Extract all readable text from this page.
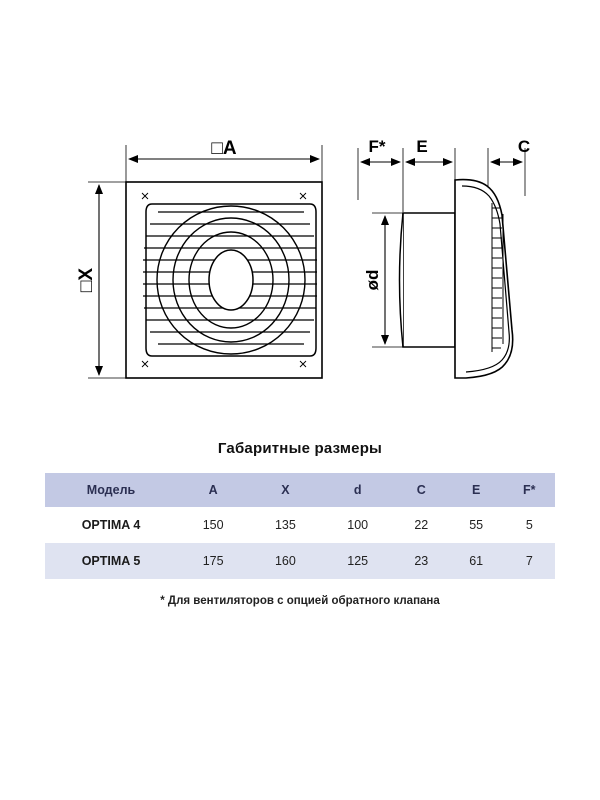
□A
□X
F* E	C
ød
Габаритные размеры
Модель	A	X	d	C	E	F*
OPTIMA 4	150	135	100	22	55	5
OPTIMA 5	175	160	125	23	61	7
* Для вентиляторов с опцией обратного клапана
